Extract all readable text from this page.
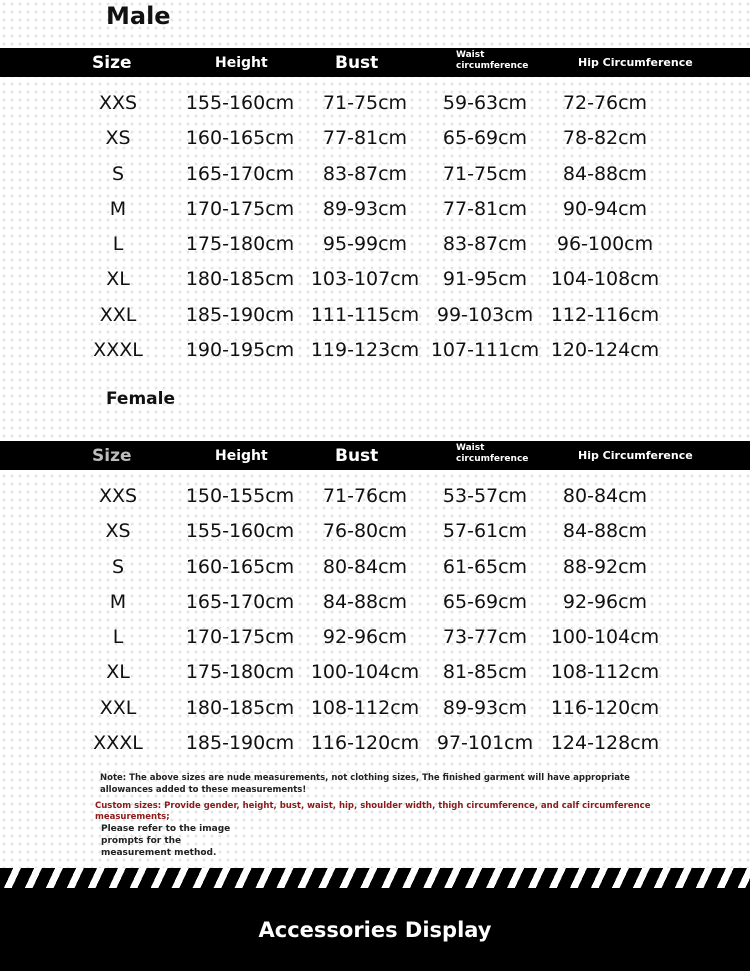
Male
Size	Height	Bust	Waist circumference	Hip Circumference
XXS	155-160cm	71-75cm	59-63cm	72-76cm
XS	160-165cm	77-81cm	65-69cm	78-82cm
S	165-170cm	83-87cm	71-75cm	84-88cm
M	170-175cm	89-93cm	77-81cm	90-94cm
L	175-180cm	95-99cm	83-87cm	96-100cm
XL	180-185cm 103-107cm	91-95cm	104-108cm
XXL	185-190cm 111-115cm 99-103cm 112-116cm
XXXL	190-195cm 119-123cm 107-111cm 120-124cm
Female
Size	Height	Bust	Waist circumference	Hip Circumference
XXS	150-155cm	71-76cm	53-57cm	80-84cm
XS	155-160cm	76-80cm	57-61cm	84-88cm
S	160-165cm	80-84cm	61-65cm	88-92cm
M	165-170cm	84-88cm	65-69cm	92-96cm
L	170-175cm	92-96cm	73-77cm	100-104cm
XL	175-180cm 100-104cm	81-85cm	108-112cm
XXL	180-185cm 108-112cm	89-93cm	116-120cm
XXXL	185-190cm 116-120cm 97-101cm 124-128cm

Note: The above sizes are nude measurements, not clothing sizes, The finished garment will have appropriate allowances added to these measurements!

Custom sizes: Provide gender, height, bust, waist, hip, shoulder width, thigh circumference, and calf circumference measurements;

Please refer to the image prompts for the measurement method.

Accessories Display
